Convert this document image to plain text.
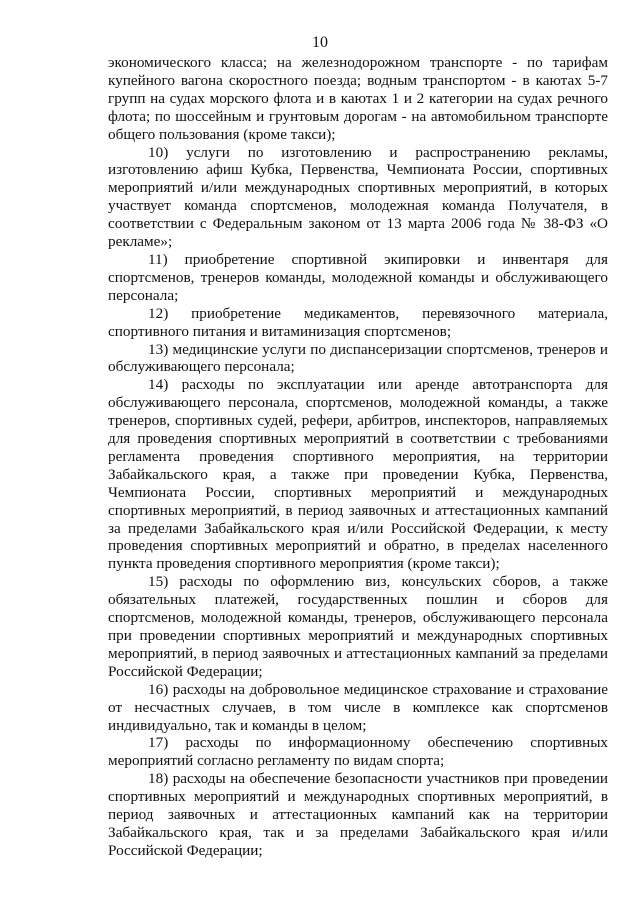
10

экономического класса; на железнодорожном транспорте - по тарифам купейного вагона скоростного поезда; водным транспортом - в каютах 5-7 групп на судах морского флота и в каютах 1 и 2 категории на судах речного флота; по шоссейным и грунтовым дорогам - на автомобильном транспорте общего пользования (кроме такси);

10) услуги по изготовлению и распространению рекламы, изготовлению афиш Кубка, Первенства, Чемпионата России, спортивных мероприятий и/или международных спортивных мероприятий, в которых участвует команда спортсменов, молодежная команда Получателя, в соответствии с Федеральным законом от 13 марта 2006 года № 38-ФЗ «О рекламе»;

11) приобретение спортивной экипировки и инвентаря для спортсменов, тренеров команды, молодежной команды и обслуживающего персонала;

12) приобретение медикаментов, перевязочного материала, спортивного питания и витаминизация спортсменов;

13) медицинские услуги по диспансеризации спортсменов, тренеров и обслуживающего персонала;

14) расходы по эксплуатации или аренде автотранспорта для обслуживающего персонала, спортсменов, молодежной команды, а также тренеров, спортивных судей, рефери, арбитров, инспекторов, направляемых для проведения спортивных мероприятий в соответствии с требованиями регламента проведения спортивного мероприятия, на территории Забайкальского края, а также при проведении Кубка, Первенства, Чемпионата России, спортивных мероприятий и международных спортивных мероприятий, в период заявочных и аттестационных кампаний за пределами Забайкальского края и/или Российской Федерации, к месту проведения спортивных мероприятий и обратно, в пределах населенного пункта проведения спортивного мероприятия (кроме такси);

15) расходы по оформлению виз, консульских сборов, а также обязательных платежей, государственных пошлин и сборов для спортсменов, молодежной команды, тренеров, обслуживающего персонала при проведении спортивных мероприятий и международных спортивных мероприятий, в период заявочных и аттестационных кампаний за пределами Российской Федерации;

16) расходы на добровольное медицинское страхование и страхование от несчастных случаев, в том числе в комплексе как спортсменов индивидуально, так и команды в целом;

17) расходы по информационному обеспечению спортивных мероприятий согласно регламенту по видам спорта;

18) расходы на обеспечение безопасности участников при проведении спортивных мероприятий и международных спортивных мероприятий, в период заявочных и аттестационных кампаний как на территории Забайкальского края, так и за пределами Забайкальского края и/или Российской Федерации;
